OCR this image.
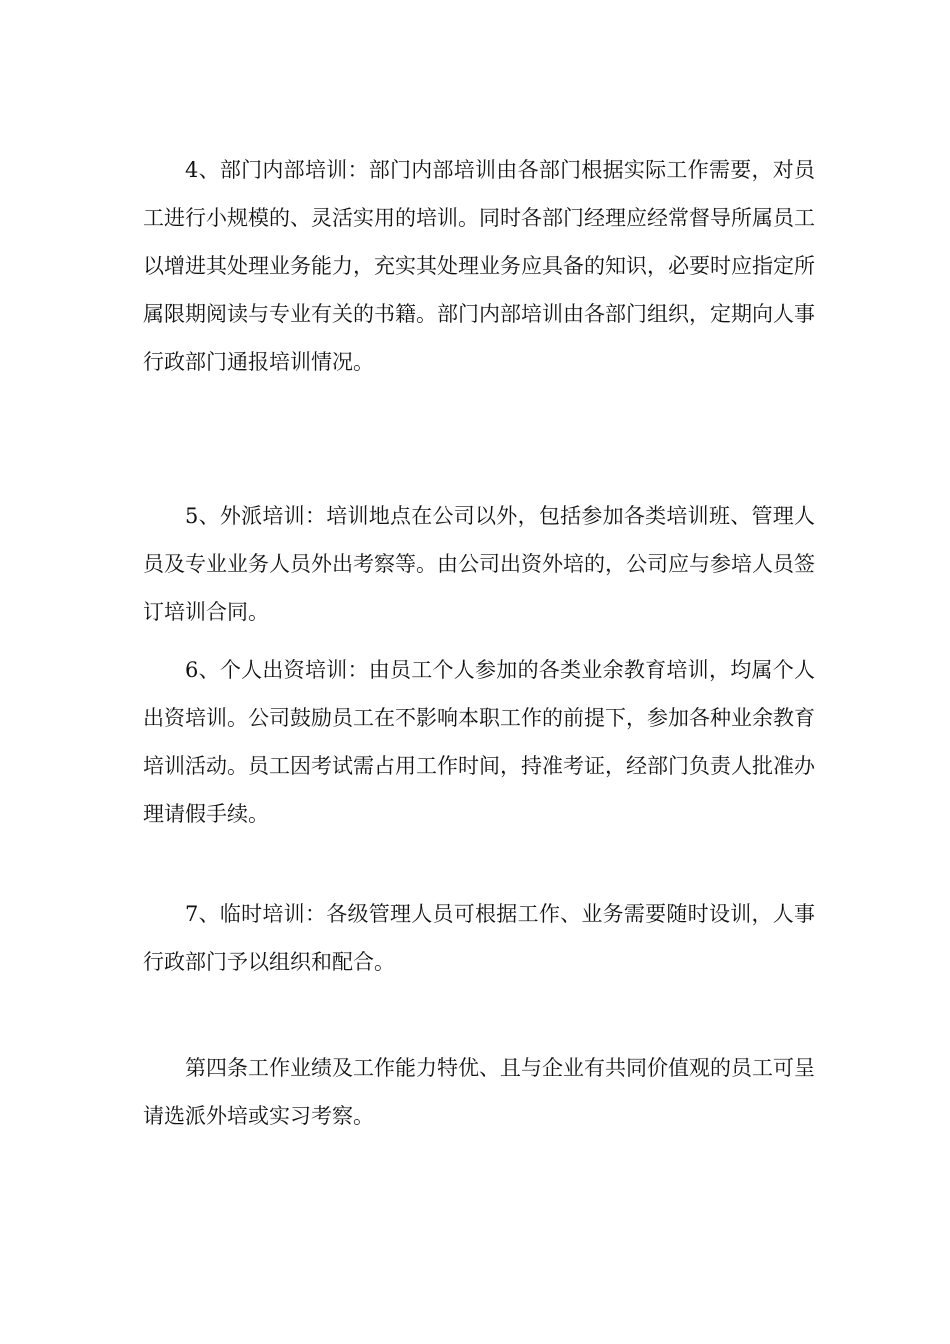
4、部门内部培训：部门内部培训由各部门根据实际工作需要，对员工进行小规模的、灵活实用的培训。同时各部门经理应经常督导所属员工以增进其处理业务能力，充实其处理业务应具备的知识，必要时应指定所属限期阅读与专业有关的书籍。部门内部培训由各部门组织，定期向人事行政部门通报培训情况。

5、外派培训：培训地点在公司以外，包括参加各类培训班、管理人员及专业业务人员外出考察等。由公司出资外培的，公司应与参培人员签订培训合同。

6、个人出资培训：由员工个人参加的各类业余教育培训，均属个人出资培训。公司鼓励员工在不影响本职工作的前提下，参加各种业余教育培训活动。员工因考试需占用工作时间，持准考证，经部门负责人批准办理请假手续。

7、临时培训：各级管理人员可根据工作、业务需要随时设训，人事行政部门予以组织和配合。

第四条工作业绩及工作能力特优、且与企业有共同价值观的员工可呈请选派外培或实习考察。
